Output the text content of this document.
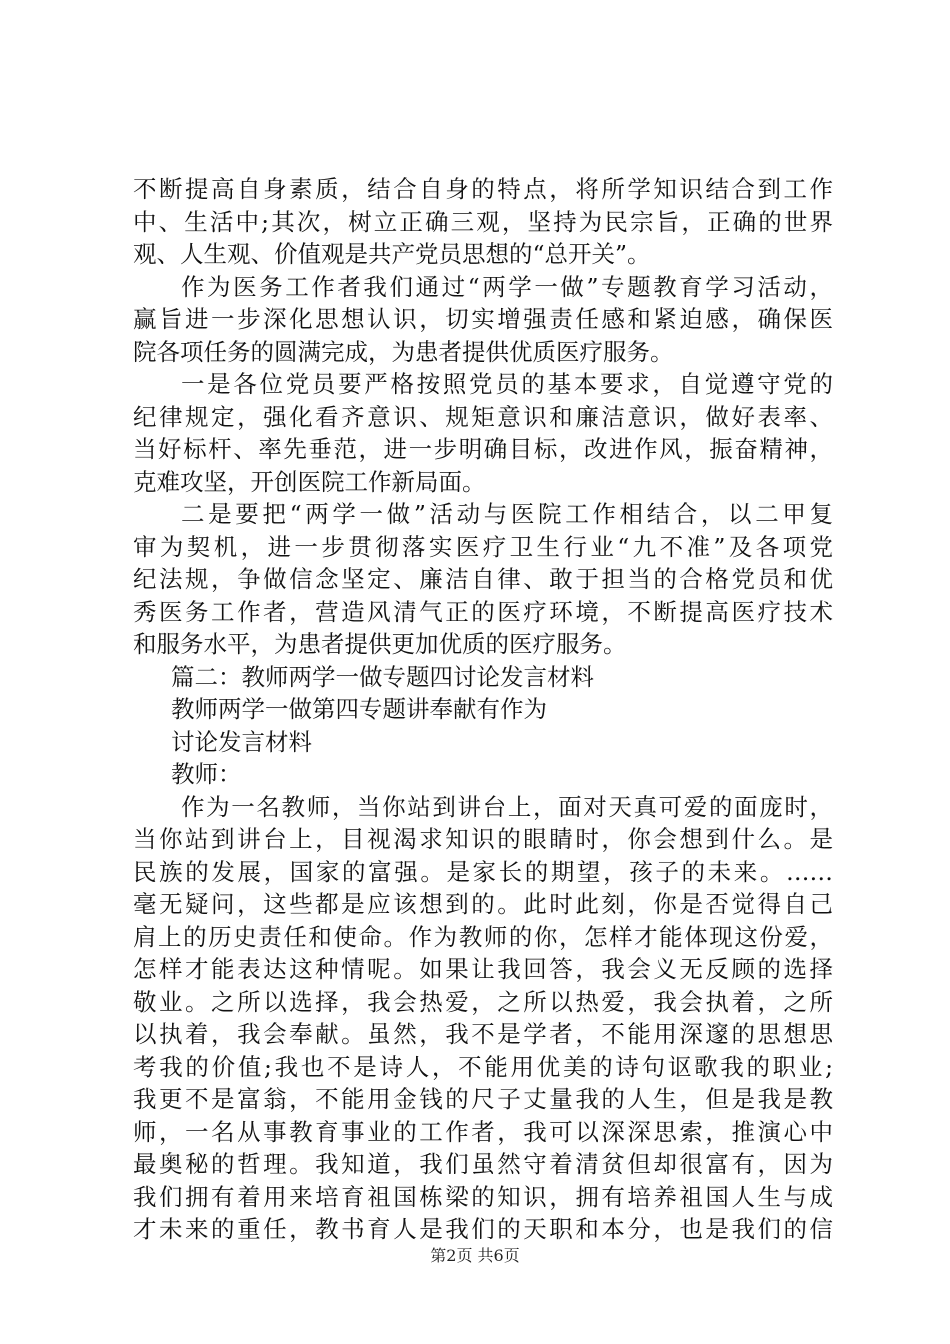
不断提高自身素质，结合自身的特点，将所学知识结合到工作
中、生活中;其次，树立正确三观，坚持为民宗旨，正确的世界
观、人生观、价值观是共产党员思想的“总开关”。
作为医务工作者我们通过“两学一做”专题教育学习活动，
赢旨进一步深化思想认识，切实增强责任感和紧迫感，确保医
院各项任务的圆满完成，为患者提供优质医疗服务。
一是各位党员要严格按照党员的基本要求，自觉遵守党的
纪律规定，强化看齐意识、规矩意识和廉洁意识，做好表率、
当好标杆、率先垂范，进一步明确目标，改进作风，振奋精神，
克难攻坚，开创医院工作新局面。
二是要把“两学一做”活动与医院工作相结合，以二甲复
审为契机，进一步贯彻落实医疗卫生行业“九不准”及各项党
纪法规，争做信念坚定、廉洁自律、敢于担当的合格党员和优
秀医务工作者，营造风清气正的医疗环境，不断提高医疗技术
和服务水平，为患者提供更加优质的医疗服务。
篇二：教师两学一做专题四讨论发言材料
教师两学一做第四专题讲奉献有作为
讨论发言材料
教师：
作为一名教师，当你站到讲台上，面对天真可爱的面庞时，
当你站到讲台上，目视渴求知识的眼睛时，你会想到什么。是
民族的发展，国家的富强。是家长的期望，孩子的未来。……
毫无疑问，这些都是应该想到的。此时此刻，你是否觉得自己
肩上的历史责任和使命。作为教师的你，怎样才能体现这份爱，
怎样才能表达这种情呢。如果让我回答，我会义无反顾的选择
敬业。之所以选择，我会热爱，之所以热爱，我会执着，之所
以执着，我会奉献。虽然，我不是学者，不能用深邃的思想思
考我的价值;我也不是诗人，不能用优美的诗句讴歌我的职业;
我更不是富翁，不能用金钱的尺子丈量我的人生，但是我是教
师，一名从事教育事业的工作者，我可以深深思索，推演心中
最奥秘的哲理。我知道，我们虽然守着清贫但却很富有，因为
我们拥有着用来培育祖国栋梁的知识，拥有培养祖国人生与成
才未来的重任，教书育人是我们的天职和本分，也是我们的信
第2页 共6页
